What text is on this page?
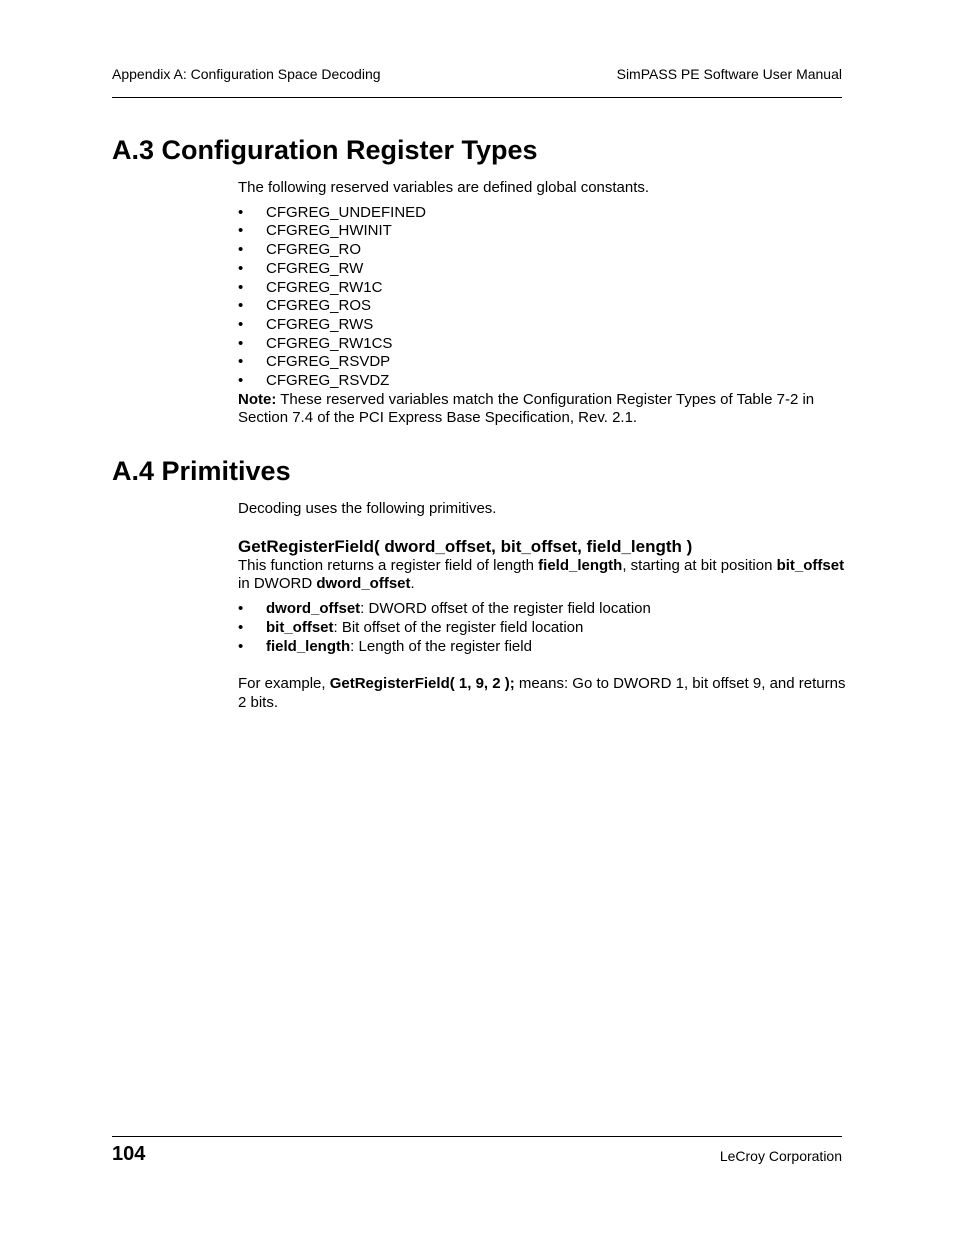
Appendix A: Configuration Space Decoding	SimPASS PE Software User Manual
A.3 Configuration Register Types

The following reserved variables are defined global constants.

• CFGREG_UNDEFINED
• CFGREG_HWINIT
• CFGREG_RO
• CFGREG_RW
• CFGREG_RW1C
• CFGREG_ROS
• CFGREG_RWS
• CFGREG_RW1CS
• CFGREG_RSVDP
• CFGREG_RSVDZ

Note: These reserved variables match the Configuration Register Types of Table 7-2 in Section 7.4 of the PCI Express Base Specification, Rev. 2.1.

A.4 Primitives

Decoding uses the following primitives.

GetRegisterField( dword_offset, bit_offset, field_length )

This function returns a register field of length field_length, starting at bit position bit_offset in DWORD dword_offset.

• dword_offset: DWORD offset of the register field location
• bit_offset: Bit offset of the register field location
• field_length: Length of the register field

For example, GetRegisterField( 1, 9, 2 ); means: Go to DWORD 1, bit offset 9, and returns 2 bits.

104	LeCroy Corporation
